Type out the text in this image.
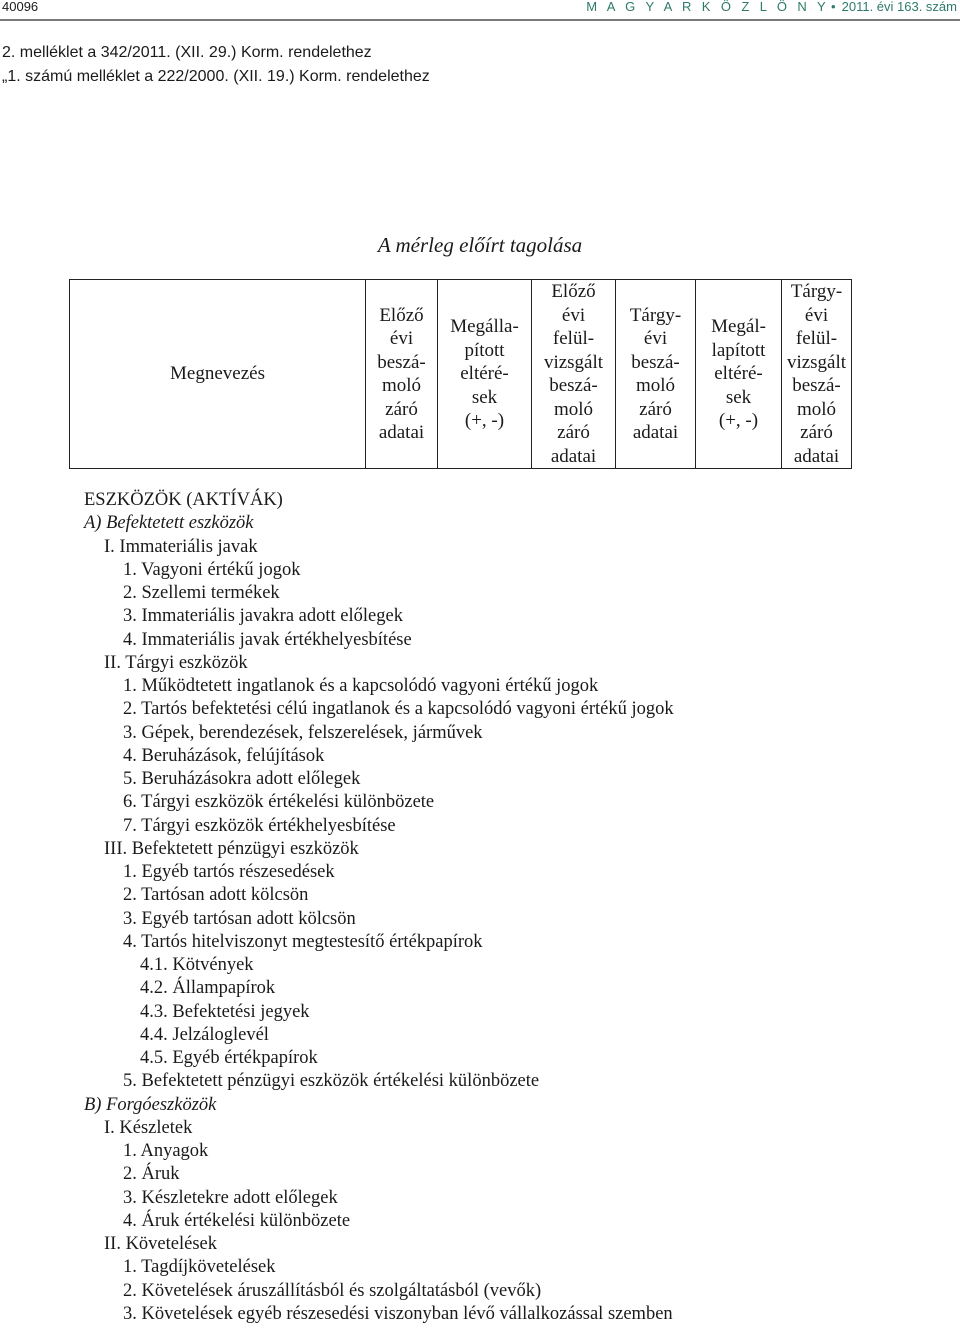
40096	M A G Y A R K Ö Z L Ö N Y • 2011. évi 163. szám
2. melléklet a 342/2011. (XII. 29.) Korm. rendelethez
„1. számú melléklet a 222/2000. (XII. 19.) Korm. rendelethez
A mérleg előírt tagolása
Megnevezés	Előző
évi
beszá-
moló
záró
adatai	Megálla-
pított
eltéré-
sek
(+, -)	Előző
évi
felül-
vizsgált
beszá-
moló
záró
adatai	Tárgy-
évi
beszá-
moló
záró
adatai	Megál-
lapított
eltéré-
sek
(+, -)	Tárgy-
évi
felül-
vizsgált
beszá-
moló
záró
adatai
ESZKÖZÖK (AKTÍVÁK)
A) Befektetett eszközök
I. Immateriális javak
1. Vagyoni értékű jogok
2. Szellemi termékek
3. Immateriális javakra adott előlegek
4. Immateriális javak értékhelyesbítése
II. Tárgyi eszközök
1. Működtetett ingatlanok és a kapcsolódó vagyoni értékű jogok
2. Tartós befektetési célú ingatlanok és a kapcsolódó vagyoni értékű jogok
3. Gépek, berendezések, felszerelések, járművek
4. Beruházások, felújítások
5. Beruházásokra adott előlegek
6. Tárgyi eszközök értékelési különbözete
7. Tárgyi eszközök értékhelyesbítése
III. Befektetett pénzügyi eszközök
1. Egyéb tartós részesedések
2. Tartósan adott kölcsön
3. Egyéb tartósan adott kölcsön
4. Tartós hitelviszonyt megtestesítő értékpapírok
4.1. Kötvények
4.2. Állampapírok
4.3. Befektetési jegyek
4.4. Jelzáloglevél
4.5. Egyéb értékpapírok
5. Befektetett pénzügyi eszközök értékelési különbözete
B) Forgóeszközök
I. Készletek
1. Anyagok
2. Áruk
3. Készletekre adott előlegek
4. Áruk értékelési különbözete
II. Követelések
1. Tagdíjkövetelések
2. Követelések áruszállításból és szolgáltatásból (vevők)
3. Követelések egyéb részesedési viszonyban lévő vállalkozással szemben
